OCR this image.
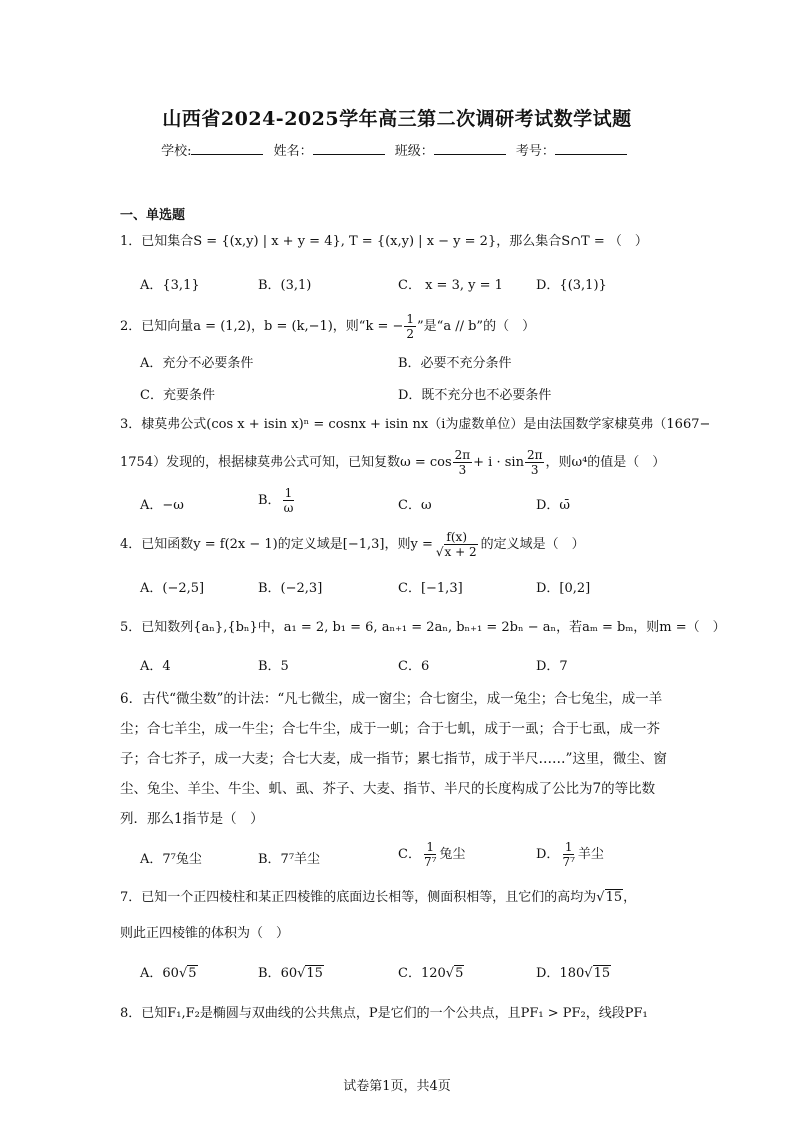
山西省2024-2025学年高三第二次调研考试数学试题
学校:	姓名：	班级：	考号：
一、单选题
1．已知集合S = {(x,y) | x + y = 4}, T = {(x,y) | x − y = 2}，那么集合S∩T = （　）
A．{3,1}	B．(3,1)	C． x = 3, y = 1	D．{(3,1)}
2．已知向量a = (1,2)，b = (k,−1)，则“k = − $\frac{1}{2}$ ”是“a // b”的（　）
A．充分不必要条件	B．必要不充分条件
C．充要条件	D．既不充分也不必要条件
3．棣莫弗公式(cos x + isin x)ⁿ = cosnx + isin nx（i为虚数单位）是由法国数学家棣莫弗（1667−
1754）发现的，根据棣莫弗公式可知，已知复数$\omega = \cos \frac{2\pi}{3} + i \cdot \sin \frac{2\pi}{3}$ ，则ω⁴的值是（　）
A．−ω	B． $\frac{1}{\omega}$	C．ω	D．ω̄
4．已知函数y = f(2x − 1)的定义域是[−1,3]，则$y = \frac{f(x)}{√x + 2}$ 的定义域是（　）
A．(−2,5]	B．(−2,3]	C．[−1,3]	D．[0,2]
5．已知数列{aₙ},{bₙ}中，a₁ = 2, b₁ = 6, aₙ₊₁ = 2aₙ, bₙ₊₁ = 2bₙ − aₙ，若aₘ = bₘ，则m =（　）
A．4	B．5	C．6	D．7
6．古代“微尘数”的计法：“凡七微尘，成一窗尘；合七窗尘，成一兔尘；合七兔尘，成一羊尘；合七羊尘，成一牛尘；合七牛尘，成于一虮；合于七虮，成于一虱；合于七虱，成一芥子；合七芥子，成一大麦；合七大麦，成一指节；累七指节，成于半尺……”这里，微尘、窗尘、兔尘、羊尘、牛尘、虮、虱、芥子、大麦、指节、半尺的长度构成了公比为7的等比数列．那么1指节是（　）
A．7⁷兔尘	B．7⁷羊尘	C． $\frac{1}{\text{7⁷}}$ 兔尘	D． $\frac{1}{\text{7⁷}}$ 羊尘
7．已知一个正四棱柱和某正四棱锥的底面边长相等，侧面积相等，且它们的高均为√15，
则此正四棱锥的体积为（　）
A．60√5	B．60√15	C．120√5	D．180√15
8．已知F₁,F₂是椭圆与双曲线的公共焦点，P是它们的一个公共点，且PF₁ > PF₂，线段PF₁
试卷第1页，共4页
